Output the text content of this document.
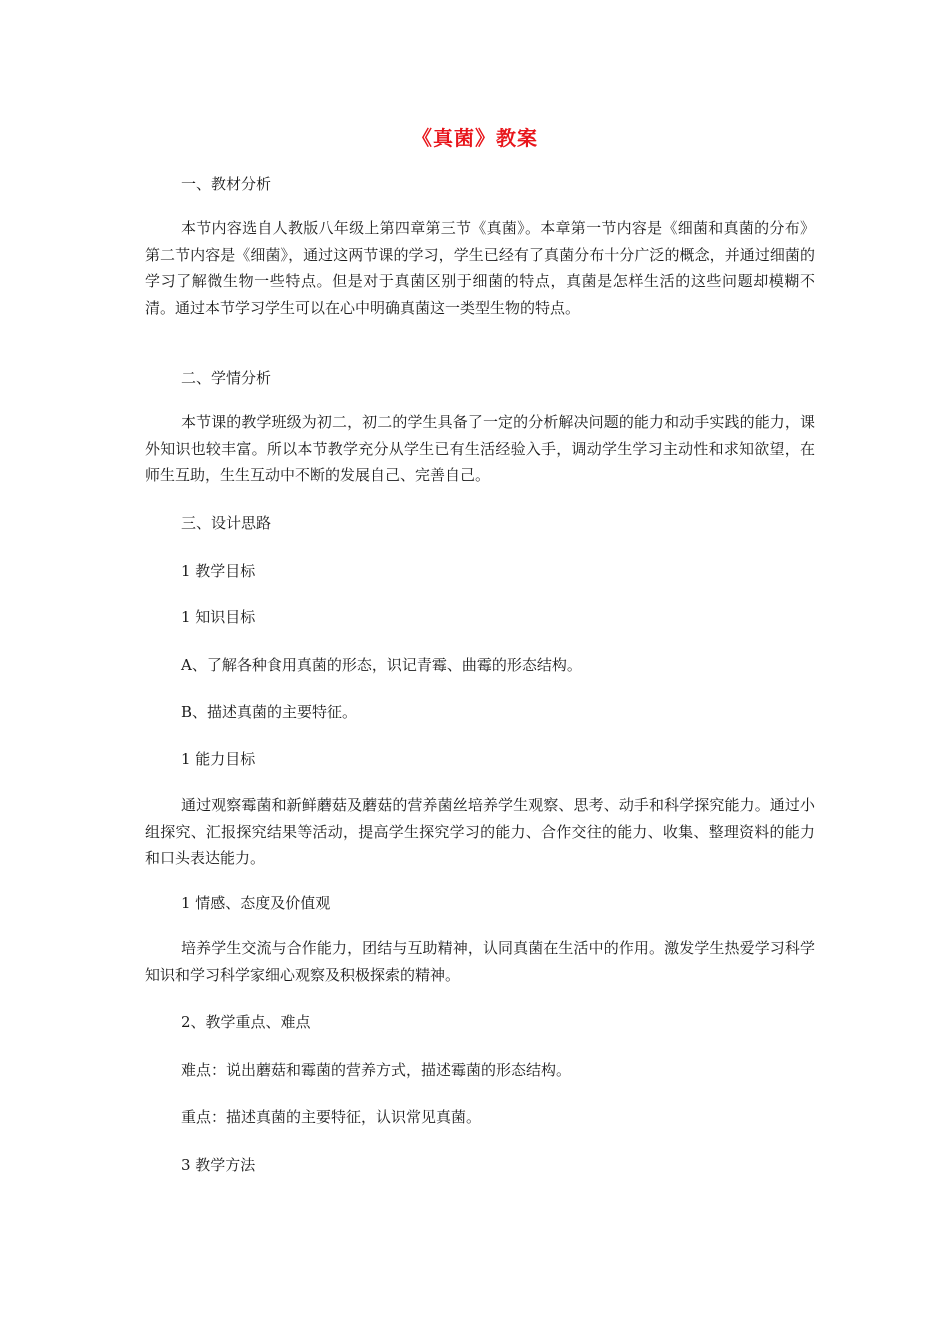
《真菌》教案
一、教材分析
本节内容选自人教版八年级上第四章第三节《真菌》。本章第一节内容是《细菌和真菌的分布》第二节内容是《细菌》，通过这两节课的学习，学生已经有了真菌分布十分广泛的概念，并通过细菌的学习了解微生物一些特点。但是对于真菌区别于细菌的特点，真菌是怎样生活的这些问题却模糊不清。通过本节学习学生可以在心中明确真菌这一类型生物的特点。
二、学情分析
本节课的教学班级为初二，初二的学生具备了一定的分析解决问题的能力和动手实践的能力，课外知识也较丰富。所以本节教学充分从学生已有生活经验入手，调动学生学习主动性和求知欲望，在师生互助，生生互动中不断的发展自己、完善自己。
三、设计思路
1 教学目标
1 知识目标
A、了解各种食用真菌的形态，识记青霉、曲霉的形态结构。
B、描述真菌的主要特征。
1 能力目标
通过观察霉菌和新鲜蘑菇及蘑菇的营养菌丝培养学生观察、思考、动手和科学探究能力。通过小组探究、汇报探究结果等活动，提高学生探究学习的能力、合作交往的能力、收集、整理资料的能力和口头表达能力。
1 情感、态度及价值观
培养学生交流与合作能力，团结与互助精神，认同真菌在生活中的作用。激发学生热爱学习科学知识和学习科学家细心观察及积极探索的精神。
2、教学重点、难点
难点：说出蘑菇和霉菌的营养方式，描述霉菌的形态结构。
重点：描述真菌的主要特征，认识常见真菌。
3 教学方法
